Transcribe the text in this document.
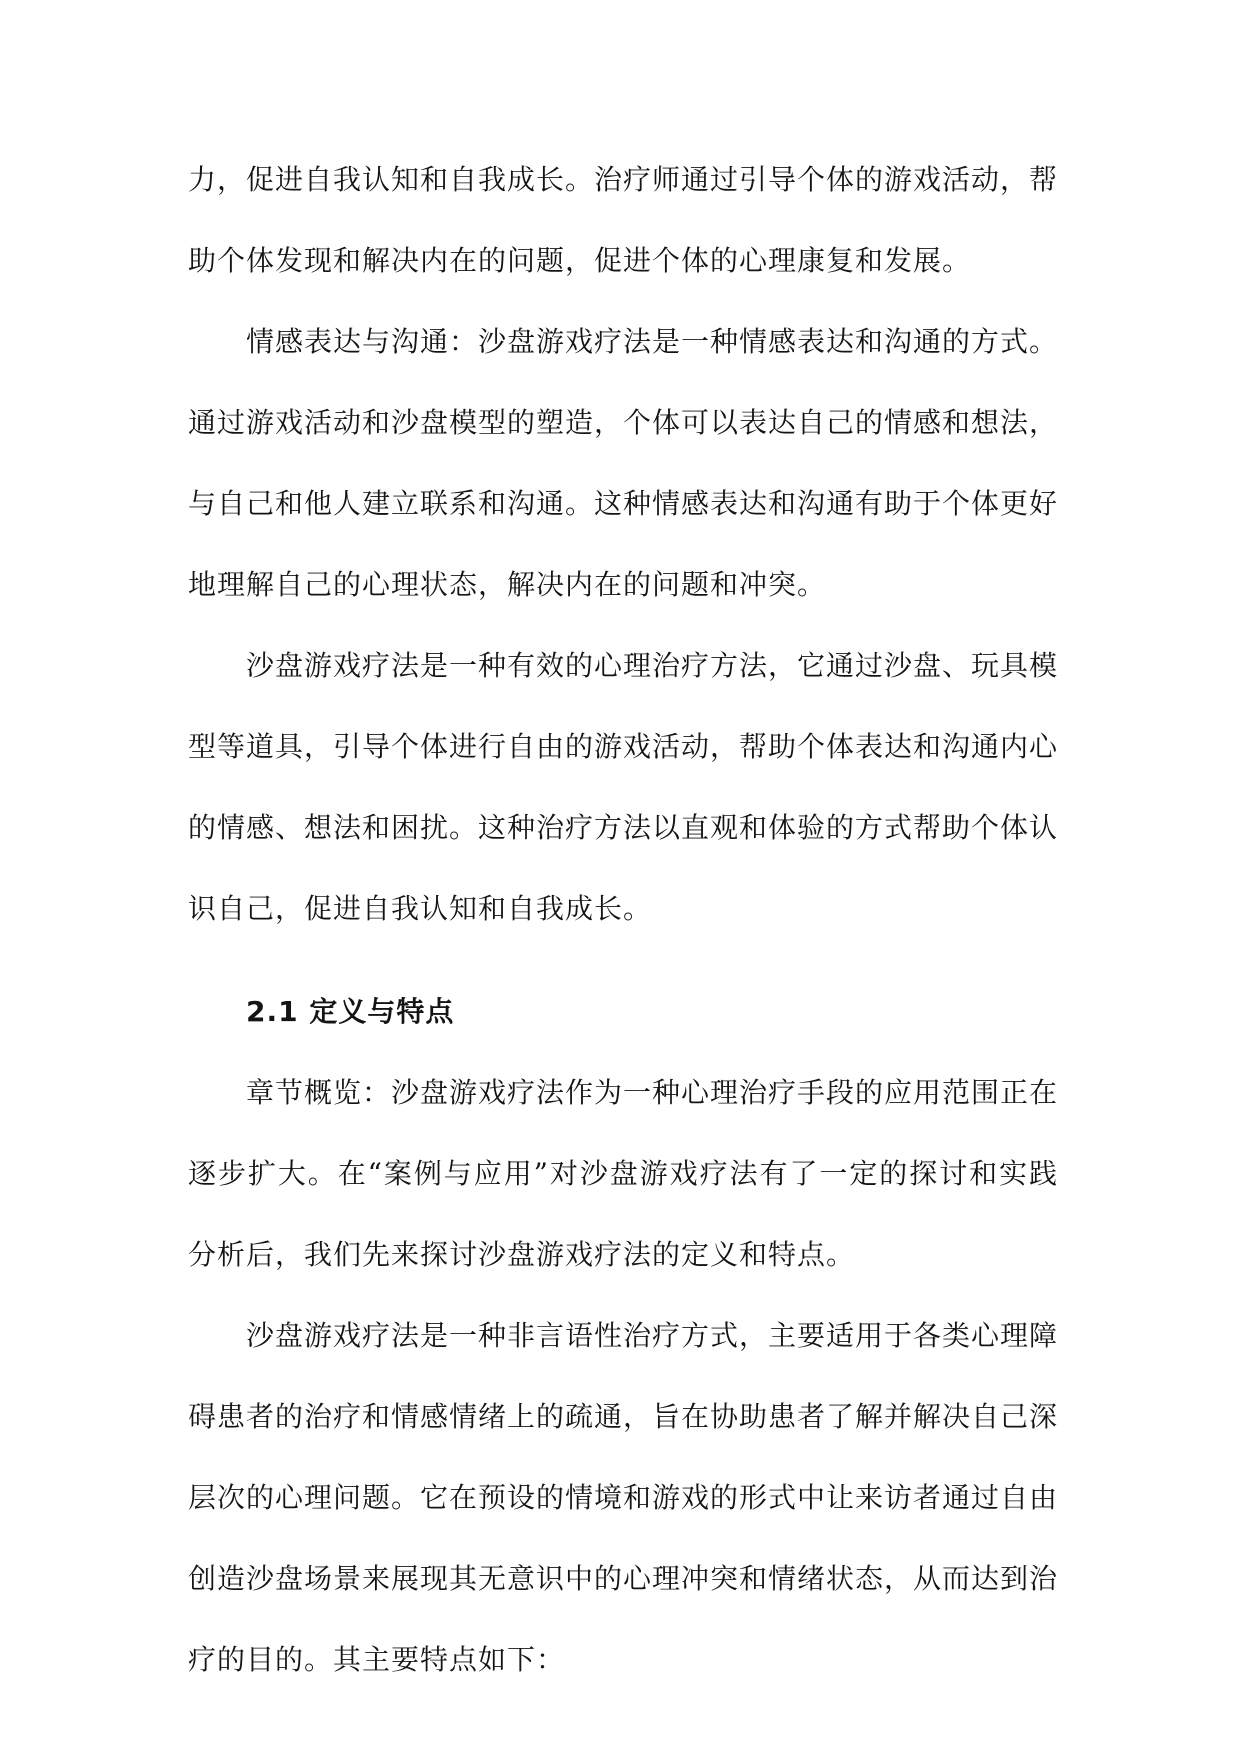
力，促进自我认知和自我成长。治疗师通过引导个体的游戏活动，帮助个体发现和解决内在的问题，促进个体的心理康复和发展。

情感表达与沟通：沙盘游戏疗法是一种情感表达和沟通的方式。通过游戏活动和沙盘模型的塑造，个体可以表达自己的情感和想法，与自己和他人建立联系和沟通。这种情感表达和沟通有助于个体更好地理解自己的心理状态，解决内在的问题和冲突。

沙盘游戏疗法是一种有效的心理治疗方法，它通过沙盘、玩具模型等道具，引导个体进行自由的游戏活动，帮助个体表达和沟通内心的情感、想法和困扰。这种治疗方法以直观和体验的方式帮助个体认识自己，促进自我认知和自我成长。

2.1 定义与特点

章节概览：沙盘游戏疗法作为一种心理治疗手段的应用范围正在逐步扩大。在“案例与应用”对沙盘游戏疗法有了一定的探讨和实践分析后，我们先来探讨沙盘游戏疗法的定义和特点。

沙盘游戏疗法是一种非言语性治疗方式，主要适用于各类心理障碍患者的治疗和情感情绪上的疏通，旨在协助患者了解并解决自己深层次的心理问题。它在预设的情境和游戏的形式中让来访者通过自由创造沙盘场景来展现其无意识中的心理冲突和情绪状态，从而达到治疗的目的。其主要特点如下：
